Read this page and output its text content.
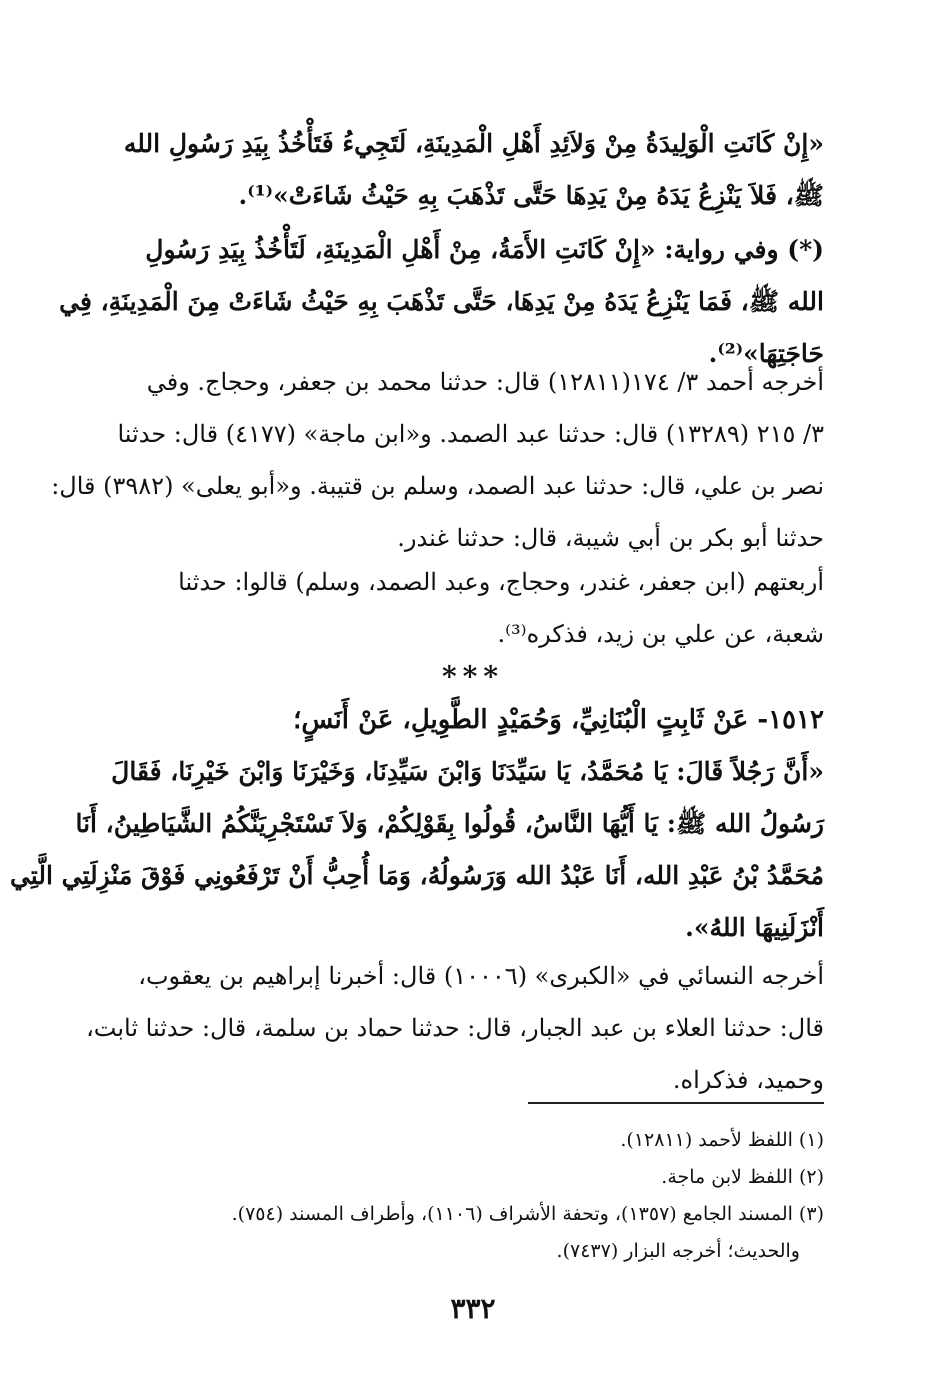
«إِنْ كَانَتِ الْوَلِيدَةُ مِنْ وَلاَئِدِ أَهْلِ الْمَدِينَةِ، لَتَجِيءُ فَتَأْخُذُ بِيَدِ رَسُولِ الله
ﷺ، فَلاَ يَنْزِعُ يَدَهُ مِنْ يَدِهَا حَتَّى تَذْهَبَ بِهِ حَيْثُ شَاءَتْ»⁽¹⁾.
(*) وفي رواية: «إِنْ كَانَتِ الأَمَةُ، مِنْ أَهْلِ الْمَدِينَةِ، لَتَأْخُذُ بِيَدِ رَسُولِ
الله ﷺ، فَمَا يَنْزِعُ يَدَهُ مِنْ يَدِهَا، حَتَّى تَذْهَبَ بِهِ حَيْثُ شَاءَتْ مِنَ الْمَدِينَةِ، فِي
حَاجَتِهَا»⁽²⁾.
أخرجه أحمد ٣/ ١٧٤(١٢٨١١) قال: حدثنا محمد بن جعفر، وحجاج. وفي
٣/ ٢١٥ (١٣٢٨٩) قال: حدثنا عبد الصمد. و«ابن ماجة» (٤١٧٧) قال: حدثنا
نصر بن علي، قال: حدثنا عبد الصمد، وسلم بن قتيبة. و«أبو يعلى» (٣٩٨٢) قال:
حدثنا أبو بكر بن أبي شيبة، قال: حدثنا غندر.
أربعتهم (ابن جعفر، غندر، وحجاج، وعبد الصمد، وسلم) قالوا: حدثنا
شعبة، عن علي بن زيد، فذكره⁽³⁾.
***
١٥١٢- عَنْ ثَابِتٍ الْبُنَانِيِّ، وَحُمَيْدٍ الطَّوِيلِ، عَنْ أَنَسٍ؛
«أَنَّ رَجُلاً قَالَ: يَا مُحَمَّدُ، يَا سَيِّدَنَا وَابْنَ سَيِّدِنَا، وَخَيْرَنَا وَابْنَ خَيْرِنَا، فَقَالَ
رَسُولُ الله ﷺ: يَا أَيُّهَا النَّاسُ، قُولُوا بِقَوْلِكُمْ، وَلاَ تَسْتَجْرِيَنَّكُمُ الشَّيَاطِينُ، أَنَا
مُحَمَّدُ بْنُ عَبْدِ الله، أَنَا عَبْدُ الله وَرَسُولُهُ، وَمَا أُحِبُّ أَنْ تَرْفَعُونِي فَوْقَ مَنْزِلَتِي الَّتِي
أَنْزَلَنِيهَا اللهُ».
أخرجه النسائي في «الكبرى» (١٠٠٠٦) قال: أخبرنا إبراهيم بن يعقوب،
قال: حدثنا العلاء بن عبد الجبار، قال: حدثنا حماد بن سلمة، قال: حدثنا ثابت،
وحميد، فذكراه.
(١) اللفظ لأحمد (١٢٨١١).
(٢) اللفظ لابن ماجة.
(٣) المسند الجامع (١٣٥٧)، وتحفة الأشراف (١١٠٦)، وأطراف المسند (٧٥٤).
والحديث؛ أخرجه البزار (٧٤٣٧).
٣٣٢
